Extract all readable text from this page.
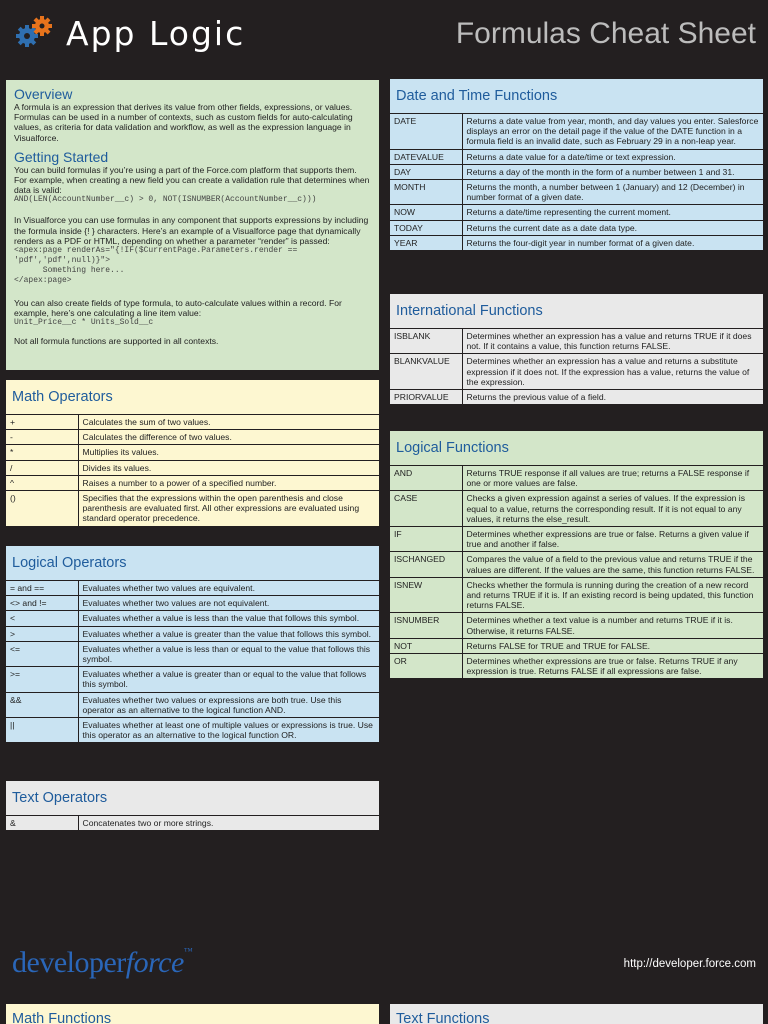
App Logic	Formulas Cheat Sheet
Overview

A formula is an expression that derives its value from other fields, expressions, or values. Formulas can be used in a number of contexts, such as custom fields for auto-calculating values, as criteria for data validation and workflow, as well as the expression language in Visualforce.

Getting Started

You can build formulas if you’re using a part of the Force.com platform that supports them. For example, when creating a new field you can create a validation rule that determines when data is valid:

AND(LEN(AccountNumber__c) > 0, NOT(ISNUMBER(AccountNumber__c)))

In Visualforce you can use formulas in any component that supports expressions by including the formula inside {! } characters. Here’s an example of a Visualforce page that dynamically renders as a PDF or HTML, depending on whether a parameter “render” is passed:

<apex:page renderAs="{!IF($CurrentPage.Parameters.render ==
'pdf','pdf',null)}">
Something here...
</apex:page>

You can also create fields of type formula, to auto-calculate values within a record. For example, here’s one calculating a line item value:

Unit_Price__c * Units_Sold__c

Not all formula functions are supported in all contexts.

Math Operators
+	Calculates the sum of two values.
-	Calculates the difference of two values.
*	Multiplies its values.
/	Divides its values.
^	Raises a number to a power of a specified number.
()	Specifies that the expressions within the open parenthesis and close parenthesis are evaluated first. All other expressions are evaluated using standard operator precedence.
Logical Operators
= and ==	Evaluates whether two values are equivalent.
<> and !=	Evaluates whether two values are not equivalent.
<	Evaluates whether a value is less than the value that follows this symbol.
>	Evaluates whether a value is greater than the value that follows this symbol.
<=	Evaluates whether a value is less than or equal to the value that follows this symbol.
>=	Evaluates whether a value is greater than or equal to the value that follows this symbol.
&&	Evaluates whether two values or expressions are both true. Use this operator as an alternative to the logical function AND.
||	Evaluates whether at least one of multiple values or expressions is true. Use this operator as an alternative to the logical function OR.
Text Operators
&	Concatenates two or more strings.
Date and Time Functions
DATE	Returns a date value from year, month, and day values you enter. Salesforce displays an error on the detail page if the value of the DATE function in a formula field is an invalid date, such as February 29 in a non-leap year.
DATEVALUE	Returns a date value for a date/time or text expression.
DAY	Returns a day of the month in the form of a number between 1 and 31.
MONTH	Returns the month, a number between 1 (January) and 12 (December) in number format of a given date.
NOW	Returns a date/time representing the current moment.
TODAY	Returns the current date as a date data type.
YEAR	Returns the four-digit year in number format of a given date.
International Functions
ISBLANK	Determines whether an expression has a value and returns TRUE if it does not. If it contains a value, this function returns FALSE.
BLANKVALUE	Determines whether an expression has a value and returns a substitute expression if it does not. If the expression has a value, returns the value of the expression.
PRIORVALUE	Returns the previous value of a field.
Logical Functions
AND	Returns TRUE response if all values are true; returns a FALSE response if one or more values are false.
CASE	Checks a given expression against a series of values. If the expression is equal to a value, returns the corresponding result. If it is not equal to any values, it returns the else_result.
IF	Determines whether expressions are true or false. Returns a given value if true and another if false.
ISCHANGED	Compares the value of a field to the previous value and returns TRUE if the values are different. If the values are the same, this function returns FALSE.
ISNEW	Checks whether the formula is running during the creation of a new record and returns TRUE if it is. If an existing record is being updated, this function returns FALSE.
ISNUMBER	Determines whether a text value is a number and returns TRUE if it is. Otherwise, it returns FALSE.
NOT	Returns FALSE for TRUE and TRUE for FALSE.
OR	Determines whether expressions are true or false. Returns TRUE if any expression is true. Returns FALSE if all expressions are false.
developerforce™
http://developer.force.com
Math Functions	Text Functions
